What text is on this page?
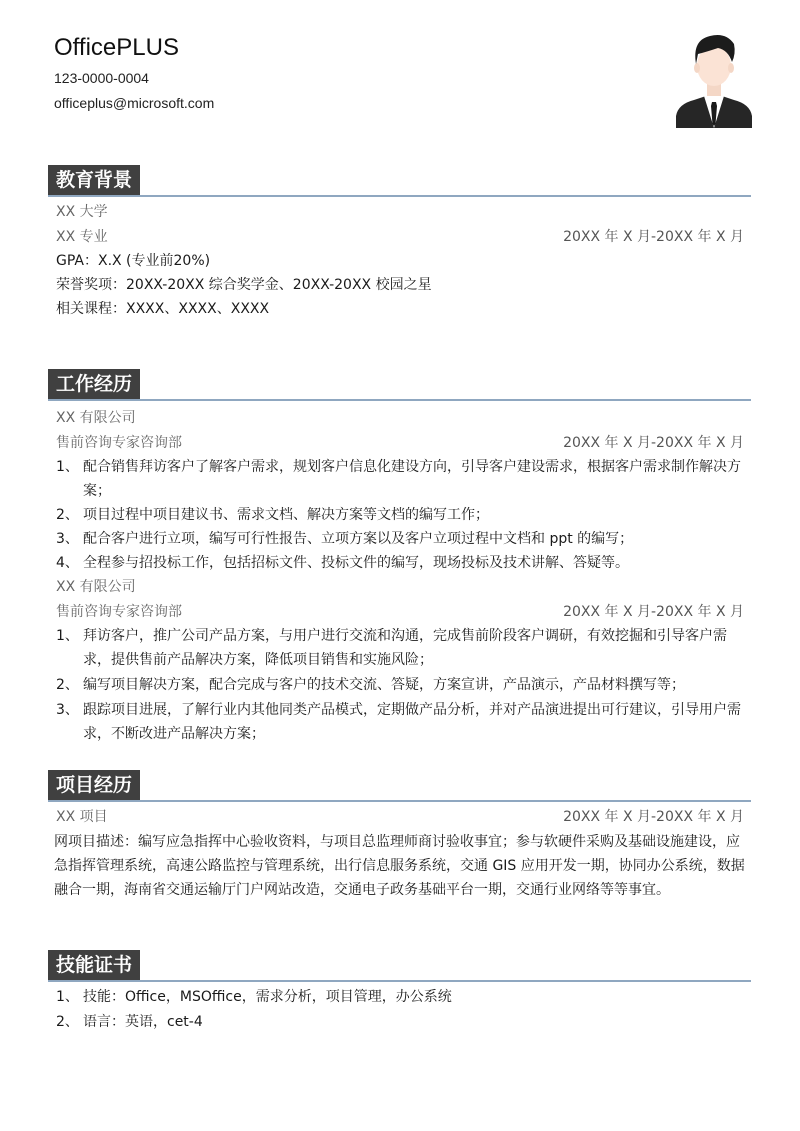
OfficePLUS
123-0000-0004
officeplus@microsoft.com
教育背景
XX 大学
XX 专业	20XX 年 X 月-20XX 年 X 月
GPA：X.X (专业前20%)
荣誉奖项：20XX-20XX 综合奖学金、20XX-20XX 校园之星
相关课程：XXXX、XXXX、XXXX
工作经历
XX 有限公司
售前咨询专家咨询部	20XX 年 X 月-20XX 年 X 月
1、 配合销售拜访客户了解客户需求，规划客户信息化建设方向，引导客户建设需求，根据客户需求制作解决方案；
2、 项目过程中项目建议书、需求文档、解决方案等文档的编写工作；
3、 配合客户进行立项，编写可行性报告、立项方案以及客户立项过程中文档和 ppt 的编写；
4、 全程参与招投标工作，包括招标文件、投标文件的编写，现场投标及技术讲解、答疑等。
XX 有限公司
售前咨询专家咨询部	20XX 年 X 月-20XX 年 X 月
1、 拜访客户，推广公司产品方案，与用户进行交流和沟通，完成售前阶段客户调研，有效挖掘和引导客户需求，提供售前产品解决方案，降低项目销售和实施风险；
2、 编写项目解决方案，配合完成与客户的技术交流、答疑，方案宣讲，产品演示，产品材料撰写等；
3、 跟踪项目进展，了解行业内其他同类产品模式，定期做产品分析，并对产品演进提出可行建议，引导用户需求，不断改进产品解决方案；
项目经历
XX 项目	20XX 年 X 月-20XX 年 X 月
网项目描述：编写应急指挥中心验收资料，与项目总监理师商讨验收事宜；参与软硬件采购及基础设施建设，应急指挥管理系统，高速公路监控与管理系统，出行信息服务系统，交通 GIS 应用开发一期，协同办公系统，数据融合一期，海南省交通运输厅门户网站改造，交通电子政务基础平台一期，交通行业网络等等事宜。
技能证书
1、 技能：Office，MSOffice，需求分析，项目管理，办公系统
2、 语言：英语，cet-4
